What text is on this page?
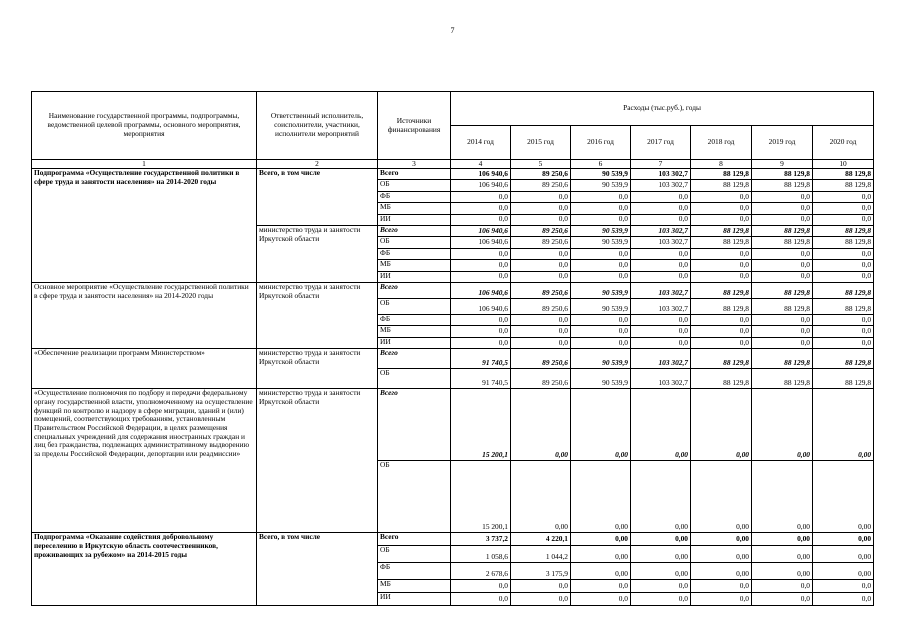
7
Наименование государственной программы, подпрограммы, ведомственной целевой программы, основного мероприятия, мероприятия	Ответственный исполнитель, соисполнители, участники, исполнители мероприятий	Источники финансирования	Расходы (тыс.руб.), годы						
			2014 год	2015 год	2016 год	2017 год	2018 год	2019 год	2020 год
1	2	3	4	5	6	7	8	9	10
Подпрограмма «Осуществление государственной политики в сфере труда и занятости населения» на 2014-2020 годы	Всего, в том числе	Всего	106 940,6	89 250,6	90 539,9	103 302,7	88 129,8	88 129,8	88 129,8
		ОБ	106 940,6	89 250,6	90 539,9	103 302,7	88 129,8	88 129,8	88 129,8
		ФБ	0,0	0,0	0,0	0,0	0,0	0,0	0,0
		МБ	0,0	0,0	0,0	0,0	0,0	0,0	0,0
		ИИ	0,0	0,0	0,0	0,0	0,0	0,0	0,0
	министерство труда и занятости Иркутской области	Всего	106 940,6	89 250,6	90 539,9	103 302,7	88 129,8	88 129,8	88 129,8
		ОБ	106 940,6	89 250,6	90 539,9	103 302,7	88 129,8	88 129,8	88 129,8
		ФБ	0,0	0,0	0,0	0,0	0,0	0,0	0,0
		МБ	0,0	0,0	0,0	0,0	0,0	0,0	0,0
		ИИ	0,0	0,0	0,0	0,0	0,0	0,0	0,0
Основное мероприятие «Осуществление государственной политики в сфере труда и занятости населения» на 2014-2020 годы	министерство труда и занятости Иркутской области	Всего	106 940,6	89 250,6	90 539,9	103 302,7	88 129,8	88 129,8	88 129,8
		ОБ	106 940,6	89 250,6	90 539,9	103 302,7	88 129,8	88 129,8	88 129,8
		ФБ	0,0	0,0	0,0	0,0	0,0	0,0	0,0
		МБ	0,0	0,0	0,0	0,0	0,0	0,0	0,0
		ИИ	0,0	0,0	0,0	0,0	0,0	0,0	0,0
«Обеспечение реализации программ Министерством»	министерство труда и занятости Иркутской области	Всего	91 740,5	89 250,6	90 539,9	103 302,7	88 129,8	88 129,8	88 129,8
		ОБ	91 740,5	89 250,6	90 539,9	103 302,7	88 129,8	88 129,8	88 129,8
«Осуществление полномочия по подбору и передачи федеральному органу государственной власти, уполномоченному на осуществление функций по контролю и надзору в сфере миграции, зданий и (или) помещений, соответствующих требованиям, установленным Правительством Российской Федерации, в целях размещения специальных учреждений для содержания иностранных граждан и лиц без гражданства, подлежащих административному выдворению за пределы Российской Федерации, депортации или реадмиссии»	министерство труда и занятости Иркутской области	Всего	15 200,1	0,00	0,00	0,00	0,00	0,00	0,00
		ОБ	15 200,1	0,00	0,00	0,00	0,00	0,00	0,00
Подпрограмма «Оказание содействия добровольному переселению в Иркутскую область соотечественников, проживающих за рубежом» на 2014-2015 годы	Всего, в том числе	Всего	3 737,2	4 220,1	0,00	0,00	0,00	0,00	0,00
		ОБ	1 058,6	1 044,2	0,00	0,00	0,00	0,00	0,00
		ФБ	2 678,6	3 175,9	0,00	0,00	0,00	0,00	0,00
		МБ	0,0	0,0	0,0	0,0	0,0	0,0	0,0
		ИИ	0,0	0,0	0,0	0,0	0,0	0,0	0,0
